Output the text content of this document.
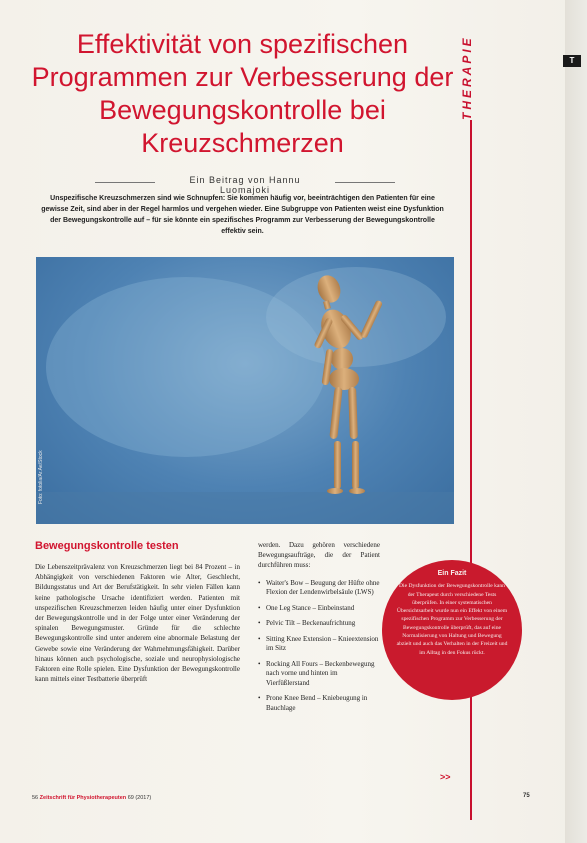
T
THERAPIE
Effektivität von spezifischen Programmen zur Verbesserung der Bewegungskontrolle bei Kreuzschmerzen
Ein Beitrag von Hannu Luomajoki
Unspezifische Kreuzschmerzen sind wie Schnupfen: Sie kommen häufig vor, beeinträchtigen den Patienten für eine gewisse Zeit, sind aber in der Regel harmlos und vergehen wieder. Eine Subgruppe von Patienten weist eine Dysfunktion der Bewegungskontrolle auf – für sie könnte ein spezifisches Programm zur Verbesserung der Bewegungskontrolle effektiv sein.
Foto: fotolia/Ar.Ae/Stock
Bewegungskontrolle testen
Die Lebenszeitprävalenz von Kreuzschmerzen liegt bei 84 Prozent – in Abhängigkeit von verschiedenen Faktoren wie Alter, Geschlecht, Bildungsstatus und Art der Berufstätigkeit. In sehr vielen Fällen kann keine pathologische Ursache identifiziert werden. Patienten mit unspezifischen Kreuzschmerzen leiden häufig unter einer Dysfunktion der Bewegungskontrolle und in der Folge unter einer Veränderung der spinalen Bewegungsmuster. Gründe für die schlechte Bewegungskontrolle sind unter anderem eine abnormale Belastung der Gewebe sowie eine Veränderung der Wahrnehmungsfähigkeit. Darüber hinaus können auch psychologische, soziale und neurophysiologische Faktoren eine Rolle spielen. Eine Dysfunktion der Bewegungskontrolle kann mittels einer Testbatterie überprüft
werden. Dazu gehören verschiedene Bewegungsaufträge, die der Patient durchführen muss:
• Waiter's Bow – Beugung der Hüfte ohne Flexion der Lendenwirbelsäule (LWS)
• One Leg Stance – Einbeinstand
• Pelvic Tilt – Beckenaufrichtung
• Sitting Knee Extension – Knieextension im Sitz
• Rocking All Fours – Beckenbewegung nach vorne und hinten im Vierfüßlerstand
• Prone Knee Bend – Kniebeugung in Bauchlage
Ein Fazit
Die Dysfunktion der Bewegungskontrolle kann der Therapeut durch verschiedene Tests überprüfen. In einer systematischen Übersichtsarbeit wurde nun ein Effekt von einem spezifischen Programm zur Verbesserung der Bewegungskontrolle überprüft, das auf eine Normalisierung von Haltung und Bewegung abzielt und auch das Verhalten in der Freizeit und im Alltag in den Fokus rückt.
>>
56 Zeitschrift für Physiotherapeuten 69 (2017)	75
